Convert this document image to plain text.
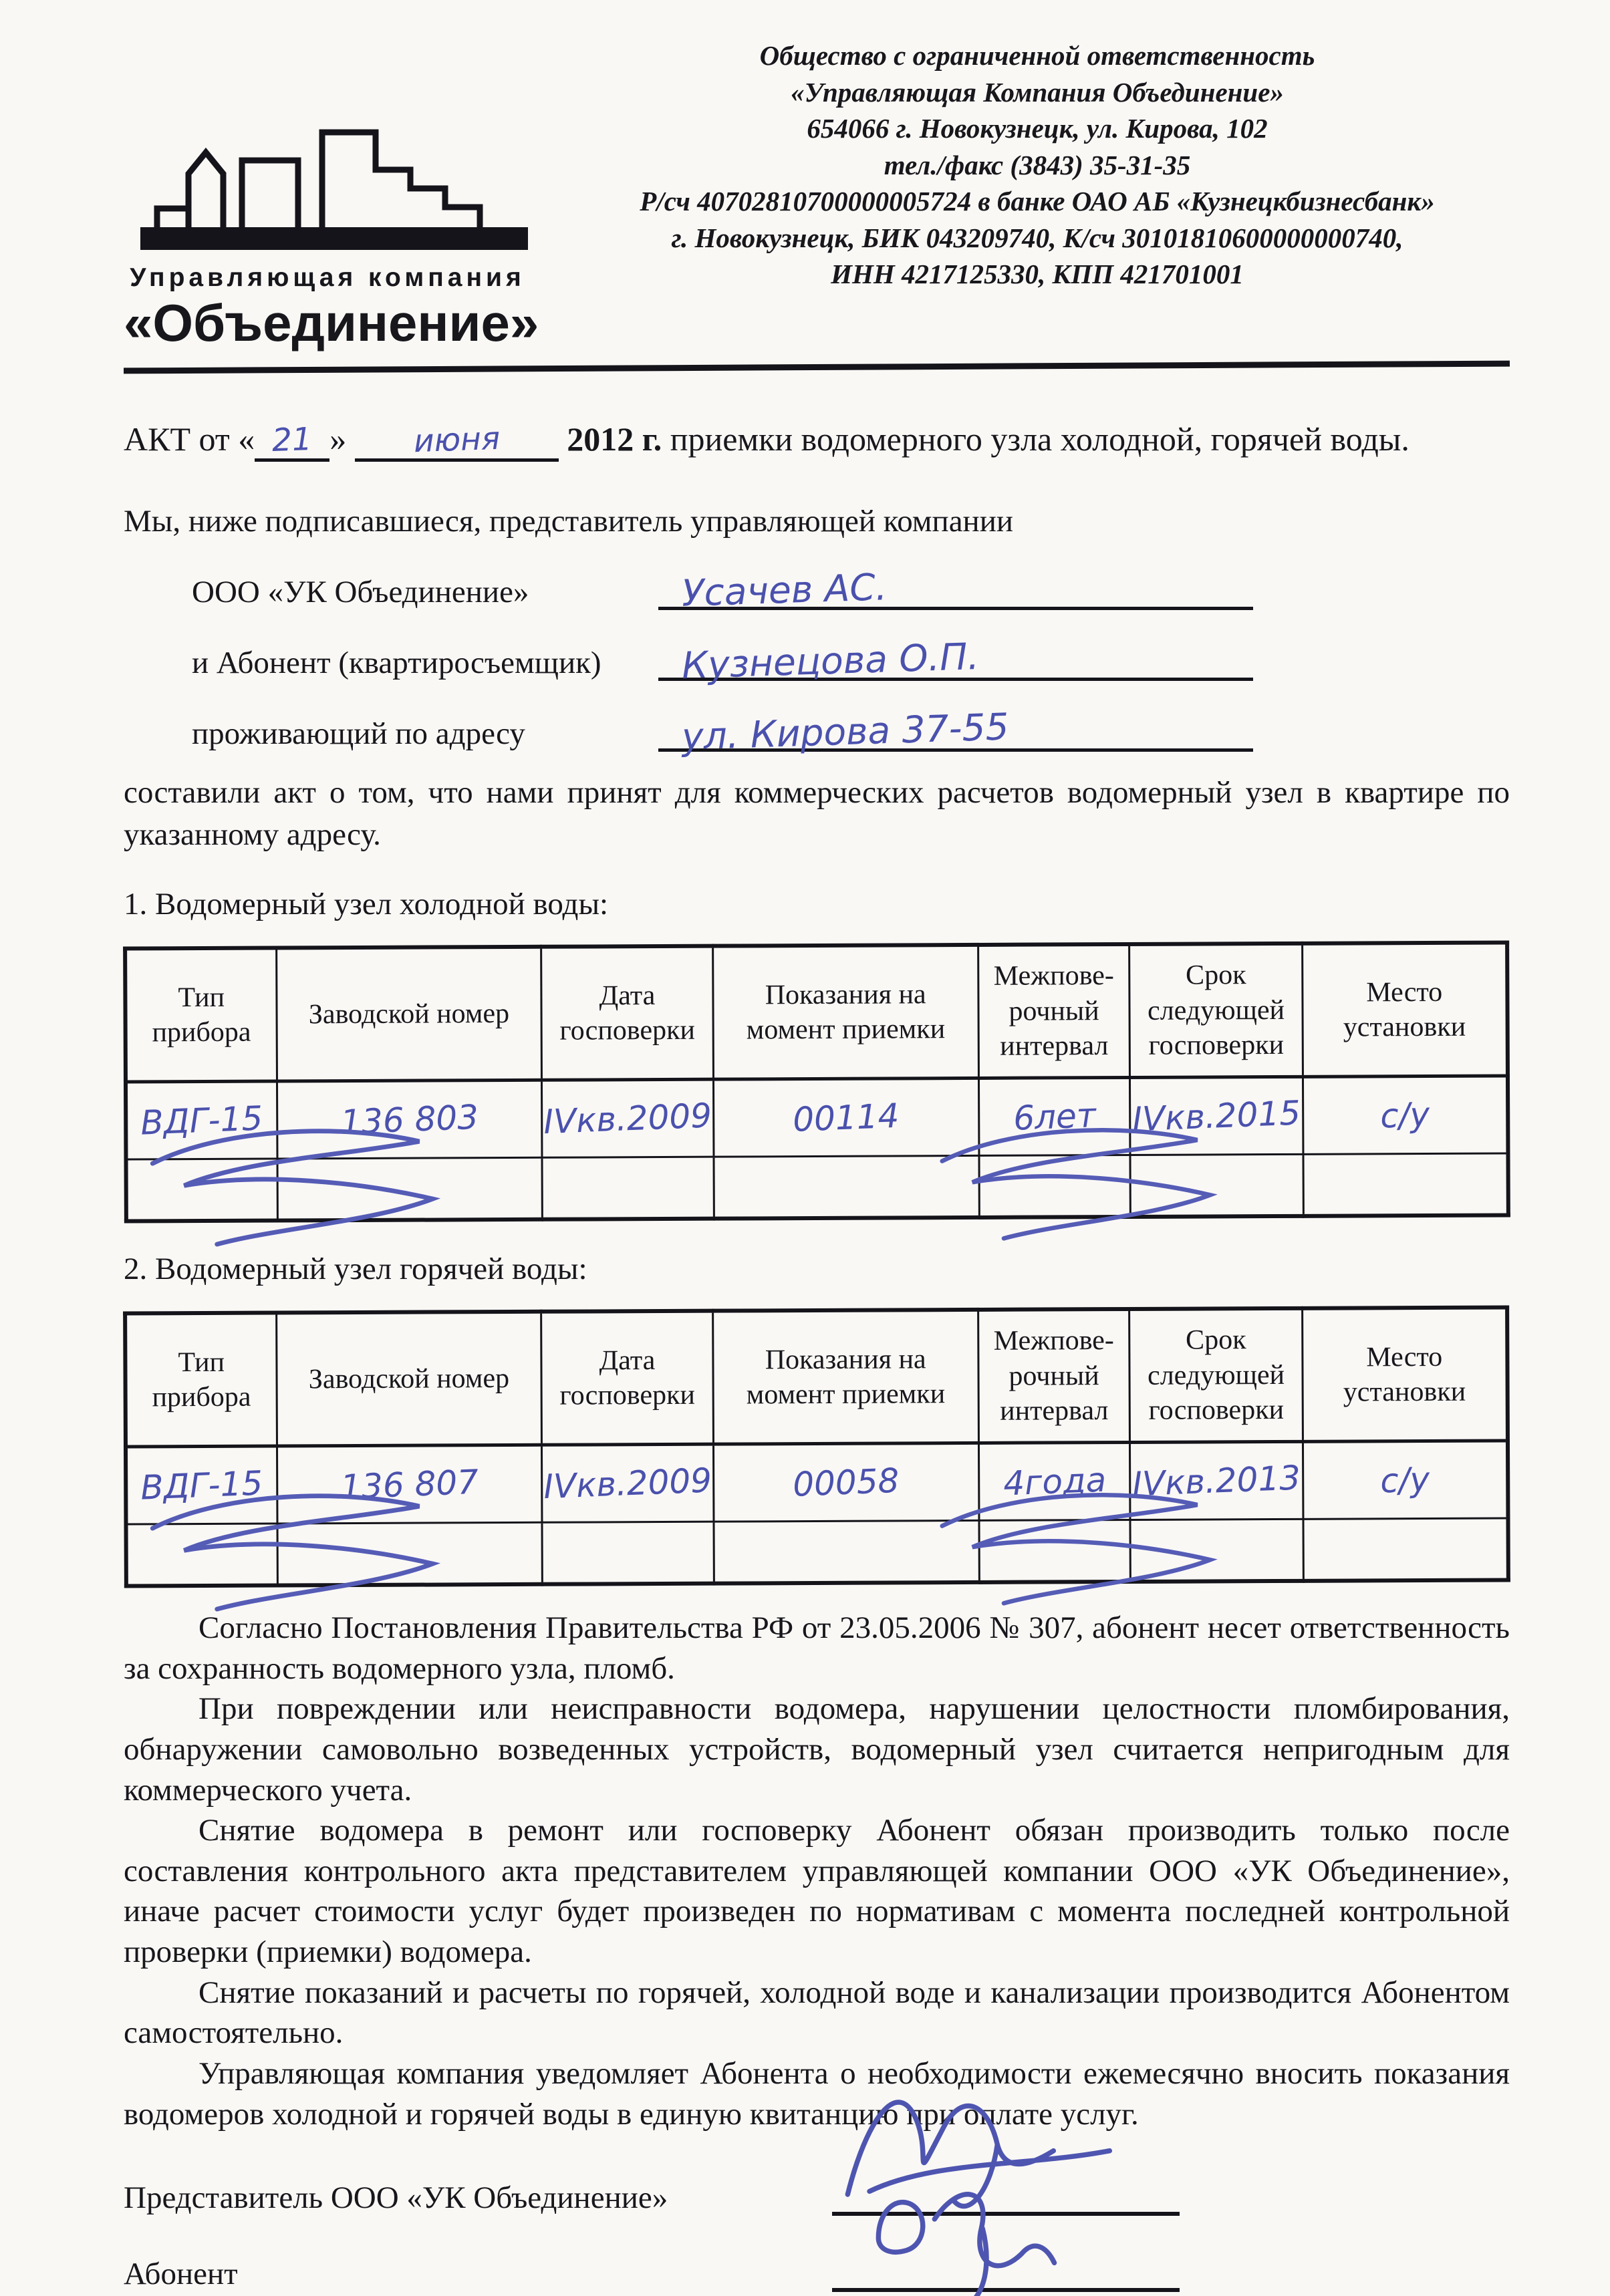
Управляющая компания
«Объединение»
Общество с ограниченной ответственность
«Управляющая Компания Объединение»
654066 г. Новокузнецк, ул. Кирова, 102
тел./факс (3843) 35-31-35
Р/сч 40702810700000005724 в банке ОАО АБ «Кузнецкбизнесбанк»
г. Новокузнецк, БИК 043209740, К/сч 30101810600000000740,
ИНН 4217125330, КПП 421701001
АКТ от « 21 » июня 2012 г. приемки водомерного узла холодной, горячей воды.
Мы, ниже подписавшиеся, представитель управляющей компании
ООО «УК Объединение»	Усачев АС.
и Абонент (квартиросъемщик)	Кузнецова О.П.
проживающий по адресу	ул. Кирова 37-55
составили акт о том, что нами принят для коммерческих расчетов водомерный узел в квартире по указанному адресу.
1. Водомерный узел холодной воды:
Тип прибора	Заводской номер	Дата госповерки	Показания на момент приемки	Межповерочный интервал	Срок следующей госповерки	Место установки
ВДГ-15	136 803	IVкв.2009	00114	6лет	IVкв.2015	с/у

2. Водомерный узел горячей воды:
Тип прибора	Заводской номер	Дата госповерки	Показания на момент приемки	Межповерочный интервал	Срок следующей госповерки	Место установки
ВДГ-15	136 807	IVкв.2009	00058	4года	IVкв.2013	с/у

Согласно Постановления Правительства РФ от 23.05.2006 № 307, абонент несет ответственность за сохранность водомерного узла, пломб.

При повреждении или неисправности водомера, нарушении целостности пломбирования, обнаружении самовольно возведенных устройств, водомерный узел считается непригодным для коммерческого учета.

Снятие водомера в ремонт или госповерку Абонент обязан производить только после составления контрольного акта представителем управляющей компании ООО «УК Объединение», иначе расчет стоимости услуг будет произведен по нормативам с момента последней контрольной проверки (приемки) водомера.

Снятие показаний и расчеты по горячей, холодной воде и канализации производится Абонентом самостоятельно.

Управляющая компания уведомляет Абонента о необходимости ежемесячно вносить показания водомеров холодной и горячей воды в единую квитанцию при оплате услуг.

Представитель ООО «УК Объединение»
Абонент
